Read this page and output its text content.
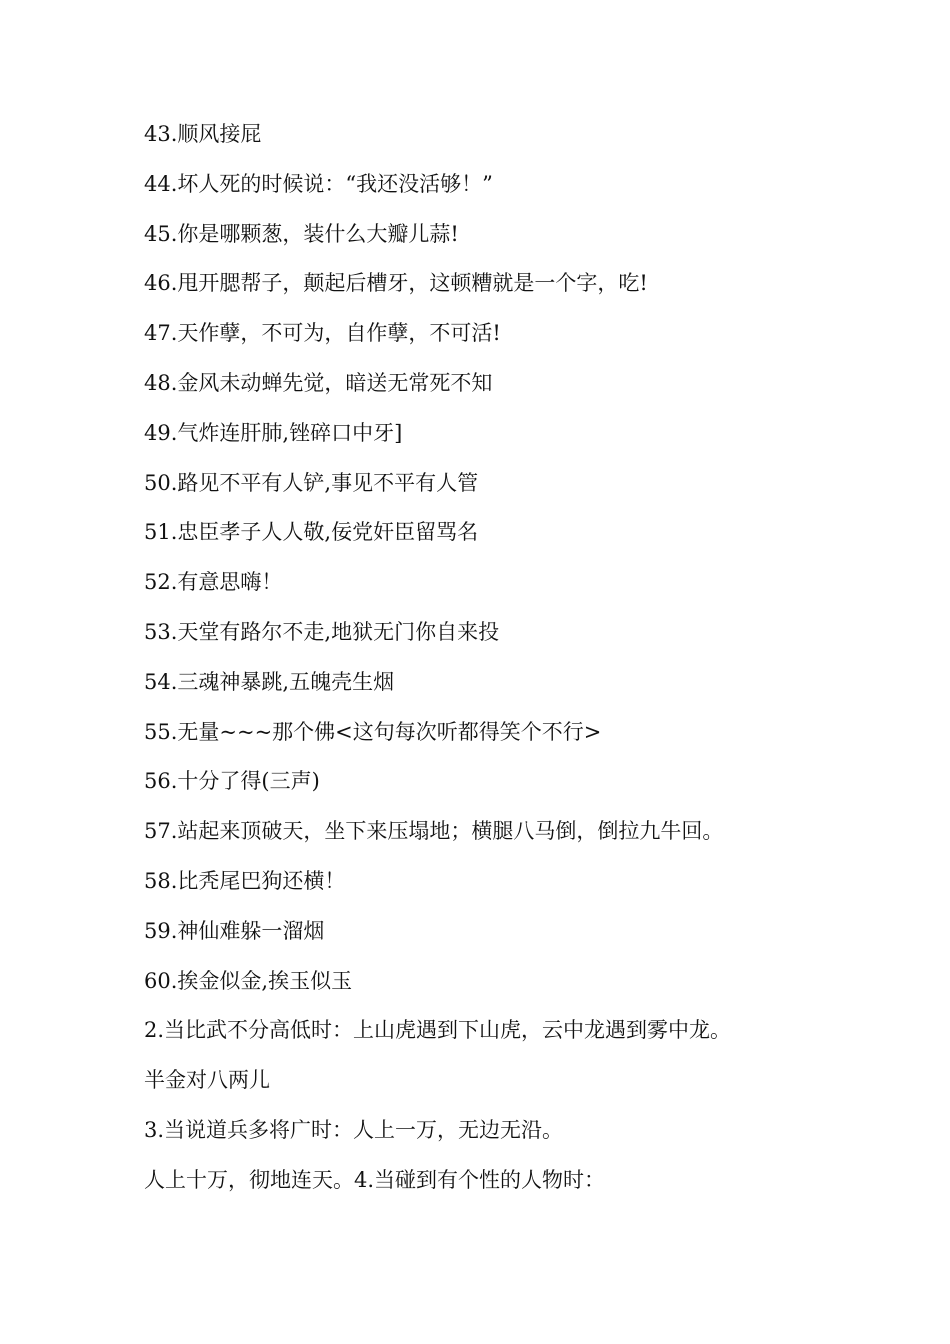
43.顺风接屁
44.坏人死的时候说：“我还没活够！”
45.你是哪颗葱，装什么大瓣儿蒜!
46.甩开腮帮子，颠起后槽牙，这顿糟就是一个字，吃!
47.天作孽，不可为，自作孽，不可活!
48.金风未动蝉先觉，暗送无常死不知
49.气炸连肝肺,锉碎口中牙]
50.路见不平有人铲,事见不平有人管
51.忠臣孝子人人敬,佞党奸臣留骂名
52.有意思嗨！
53.天堂有路尔不走,地狱无门你自来投
54.三魂神暴跳,五魄壳生烟
55.无量~~~那个佛<这句每次听都得笑个不行>
56.十分了得(三声)
57.站起来顶破天，坐下来压塌地；横腿八马倒，倒拉九牛回。
58.比秃尾巴狗还横！
59.神仙难躲一溜烟
60.挨金似金,挨玉似玉
2.当比武不分高低时：上山虎遇到下山虎，云中龙遇到雾中龙。
半金对八两儿
3.当说道兵多将广时：人上一万，无边无沿。
人上十万，彻地连天。4.当碰到有个性的人物时：
